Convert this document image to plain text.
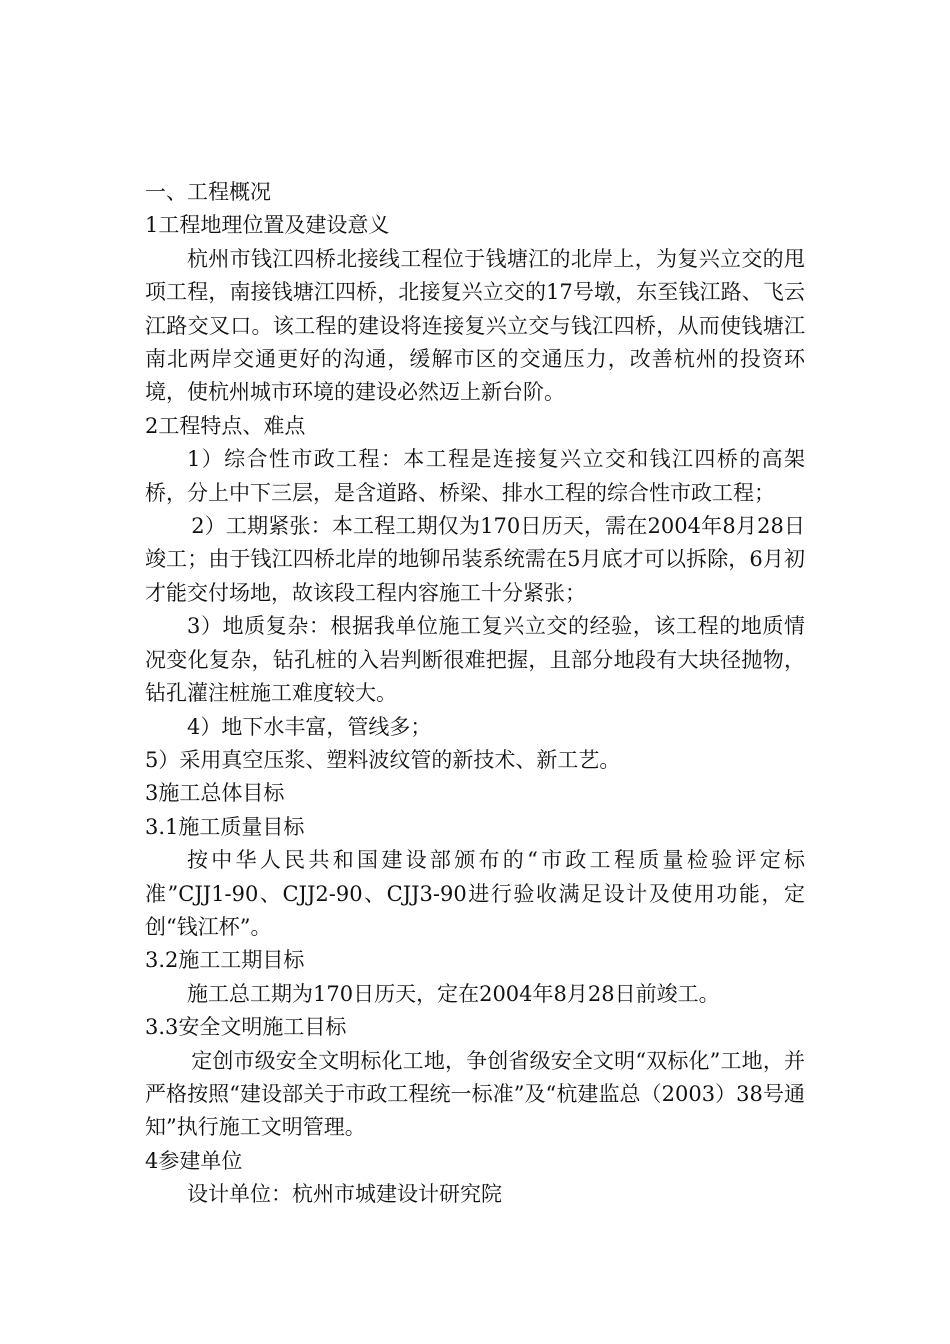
一、工程概况

1工程地理位置及建设意义

杭州市钱江四桥北接线工程位于钱塘江的北岸上，为复兴立交的甩项工程，南接钱塘江四桥，北接复兴立交的17号墩，东至钱江路、飞云江路交叉口。该工程的建设将连接复兴立交与钱江四桥，从而使钱塘江南北两岸交通更好的沟通，缓解市区的交通压力，改善杭州的投资环境，使杭州城市环境的建设必然迈上新台阶。

2工程特点、难点

1）综合性市政工程：本工程是连接复兴立交和钱江四桥的高架桥，分上中下三层，是含道路、桥梁、排水工程的综合性市政工程；

2）工期紧张：本工程工期仅为170日历天，需在2004年8月28日竣工；由于钱江四桥北岸的地铆吊装系统需在5月底才可以拆除，6月初才能交付场地，故该段工程内容施工十分紧张；

3）地质复杂：根据我单位施工复兴立交的经验，该工程的地质情况变化复杂，钻孔桩的入岩判断很难把握，且部分地段有大块径抛物，钻孔灌注桩施工难度较大。

4）地下水丰富，管线多；

5）采用真空压浆、塑料波纹管的新技术、新工艺。

3施工总体目标

3.1施工质量目标

按中华人民共和国建设部颁布的“市政工程质量检验评定标准”CJJ1-90、CJJ2-90、CJJ3-90进行验收满足设计及使用功能，定创“钱江杯”。

3.2施工工期目标

施工总工期为170日历天，定在2004年8月28日前竣工。

3.3安全文明施工目标

定创市级安全文明标化工地，争创省级安全文明“双标化”工地，并严格按照“建设部关于市政工程统一标准”及“杭建监总（2003）38号通知”执行施工文明管理。

4参建单位

设计单位：杭州市城建设计研究院
